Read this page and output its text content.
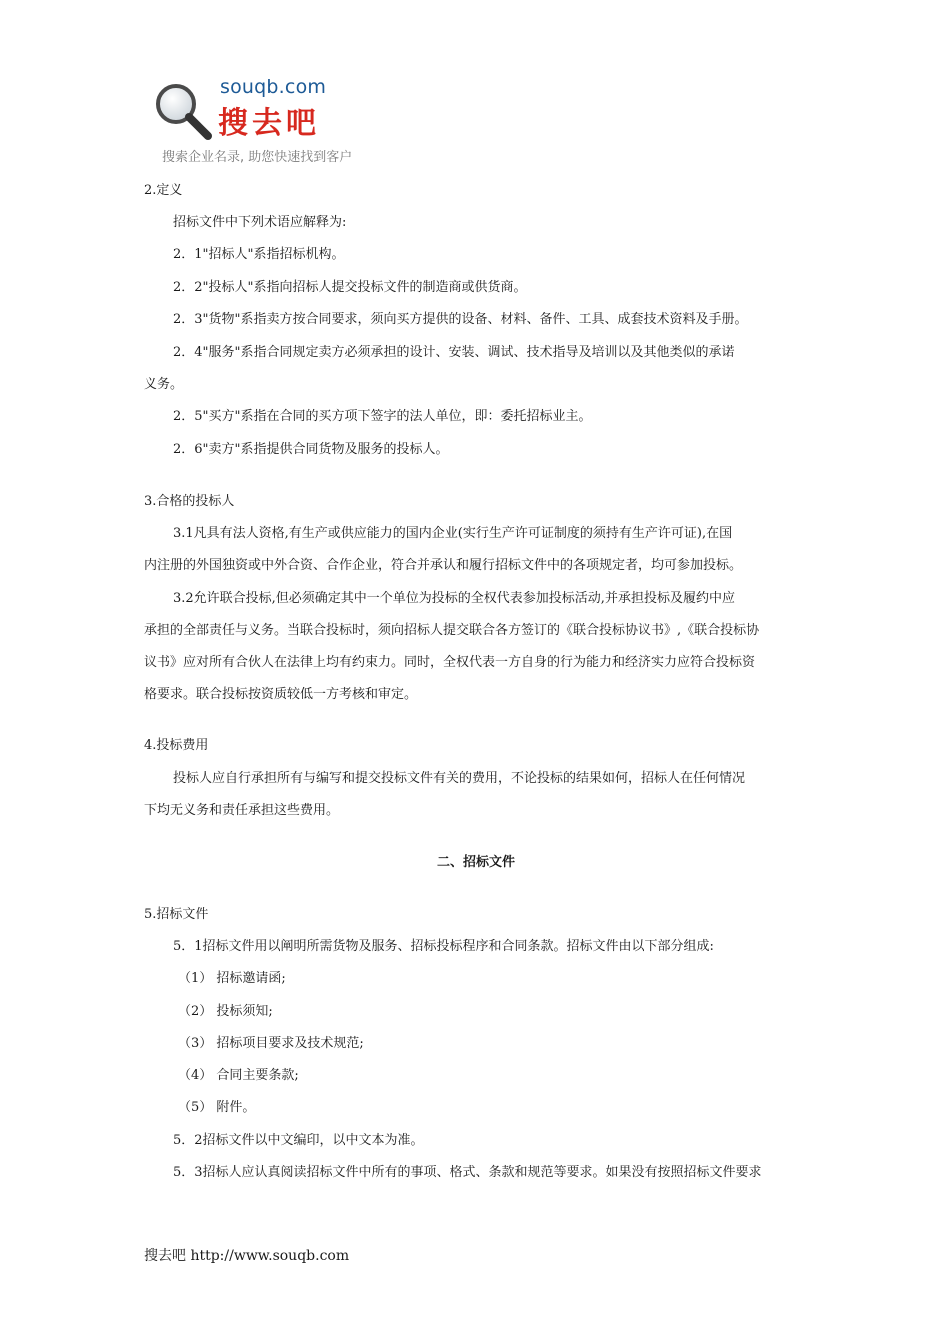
souqb.com
搜去吧
搜索企业名录, 助您快速找到客户
2.定义
招标文件中下列术语应解释为:
2．1"招标人"系指招标机构。
2．2"投标人"系指向招标人提交投标文件的制造商或供货商。
2．3"货物"系指卖方按合同要求，须向买方提供的设备、材料、备件、工具、成套技术资料及手册。
2．4"服务"系指合同规定卖方必须承担的设计、安装、调试、技术指导及培训以及其他类似的承诺
义务。
2．5"买方"系指在合同的买方项下签字的法人单位，即：委托招标业主。
2．6"卖方"系指提供合同货物及服务的投标人。
3.合格的投标人
3.1凡具有法人资格,有生产或供应能力的国内企业(实行生产许可证制度的须持有生产许可证),在国
内注册的外国独资或中外合资、合作企业，符合并承认和履行招标文件中的各项规定者，均可参加投标。
3.2允许联合投标,但必须确定其中一个单位为投标的全权代表参加投标活动,并承担投标及履约中应
承担的全部责任与义务。当联合投标时，须向招标人提交联合各方签订的《联合投标协议书》,《联合投标协
议书》应对所有合伙人在法律上均有约束力。同时，全权代表一方自身的行为能力和经济实力应符合投标资
格要求。联合投标按资质较低一方考核和审定。
4.投标费用
投标人应自行承担所有与编写和提交投标文件有关的费用，不论投标的结果如何，招标人在任何情况
下均无义务和责任承担这些费用。
二、招标文件
5.招标文件
5．1招标文件用以阐明所需货物及服务、招标投标程序和合同条款。招标文件由以下部分组成:
（1） 招标邀请函;
（2） 投标须知;
（3） 招标项目要求及技术规范;
（4） 合同主要条款;
（5） 附件。
5．2招标文件以中文编印，以中文本为准。
5．3招标人应认真阅读招标文件中所有的事项、格式、条款和规范等要求。如果没有按照招标文件要求
搜去吧 http://www.souqb.com
